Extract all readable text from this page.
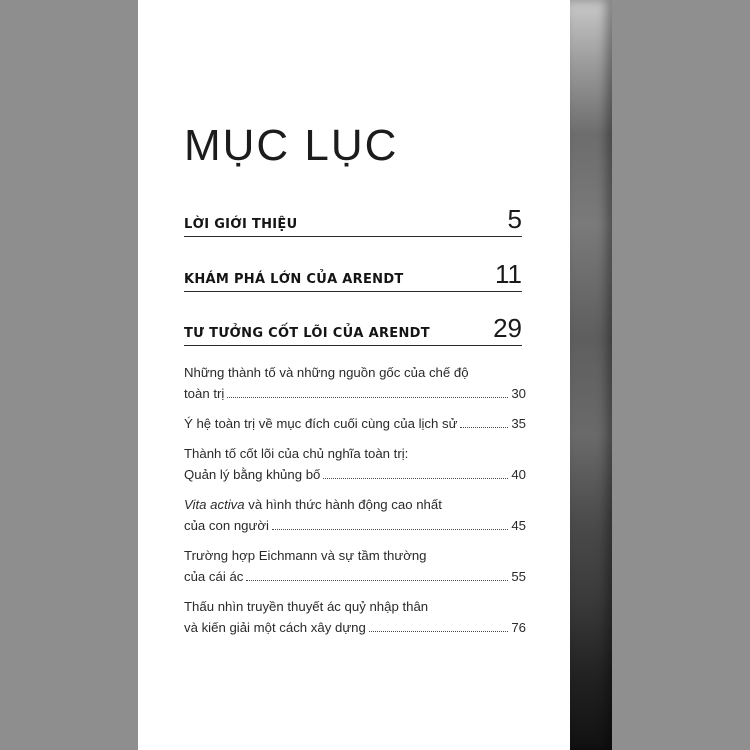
MỤC LỤC
LỜI GIỚI THIỆU	5
KHÁM PHÁ LỚN CỦA ARENDT	11
TƯ TƯỞNG CỐT LÕI CỦA ARENDT 29
Những thành tố và những nguồn gốc của chế độ
toàn trị	30
Ý hệ toàn trị về mục đích cuối cùng của lịch sử	35
Thành tố cốt lõi của chủ nghĩa toàn trị:
Quản lý bằng khủng bố	40
Vita activa và hình thức hành động cao nhất
của con người	45
Trường hợp Eichmann và sự tầm thường
của cái ác	55
Thấu nhìn truyền thuyết ác quỷ nhập thân
và kiến giải một cách xây dựng	76
